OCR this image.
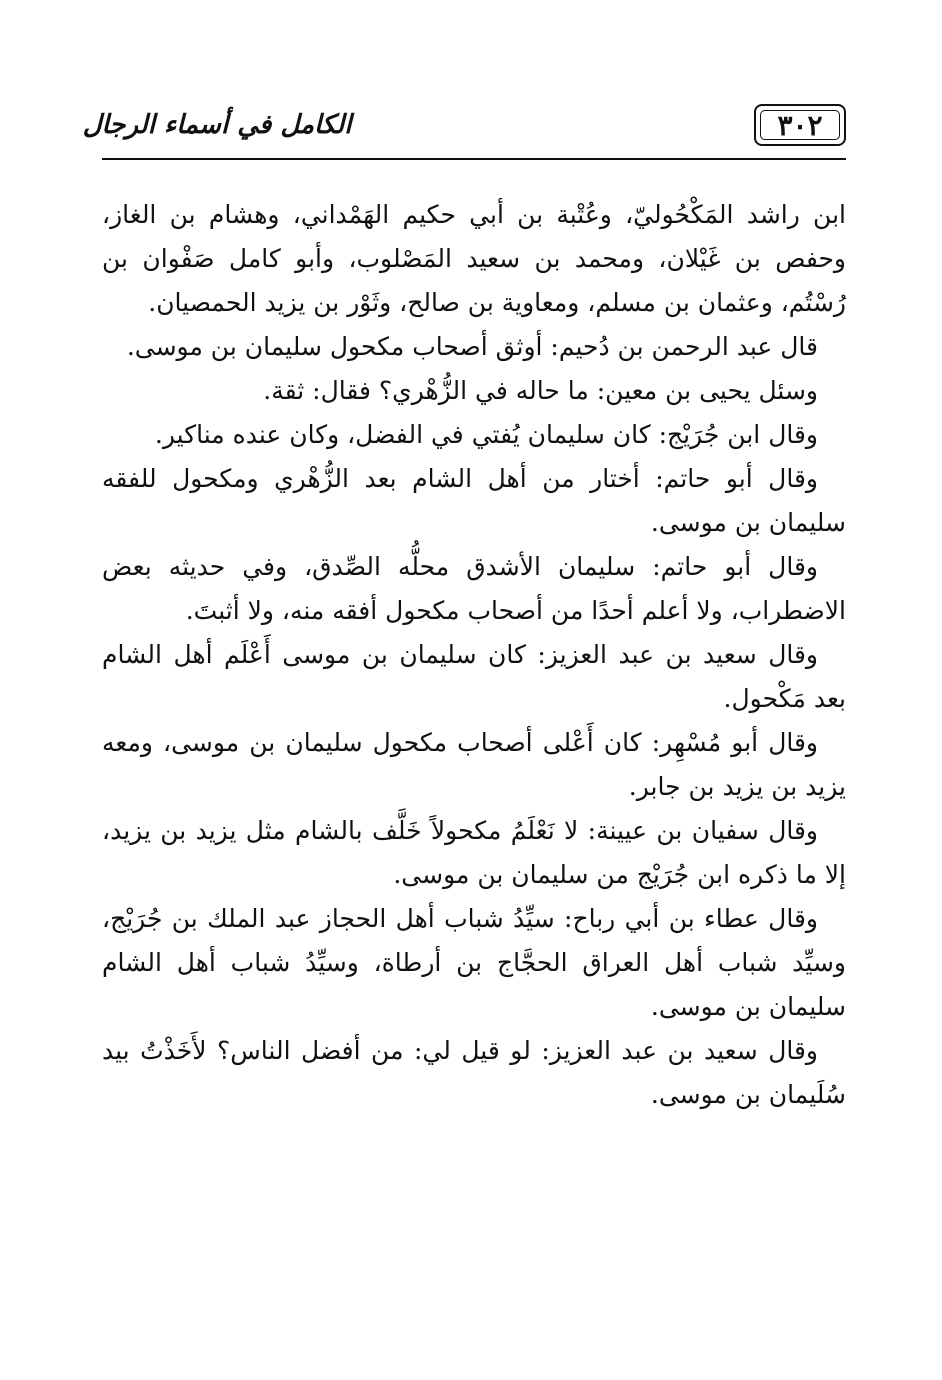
٣٠٢
الكامل في أسماء الرجال

ابن راشد المَكْحُوليّ، وعُتْبة بن أبي حكيم الهَمْداني، وهشام بن الغاز، وحفص بن غَيْلان، ومحمد بن سعيد المَصْلوب، وأبو كامل صَفْوان بن رُسْتُم، وعثمان بن مسلم، ومعاوية بن صالح، وثَوْر بن يزيد الحمصيان.

قال عبد الرحمن بن دُحيم: أوثق أصحاب مكحول سليمان بن موسى.

وسئل يحيى بن معين: ما حاله في الزُّهْري؟ فقال: ثقة.

وقال ابن جُرَيْج: كان سليمان يُفتي في الفضل، وكان عنده مناكير.

وقال أبو حاتم: أختار من أهل الشام بعد الزُّهْري ومكحول للفقه سليمان بن موسى.

وقال أبو حاتم: سليمان الأشدق محلُّه الصِّدق، وفي حديثه بعض الاضطراب، ولا أعلم أحدًا من أصحاب مكحول أفقه منه، ولا أثبتَ.

وقال سعيد بن عبد العزيز: كان سليمان بن موسى أَعْلَم أهل الشام بعد مَكْحول.

وقال أبو مُسْهِر: كان أَعْلى أصحاب مكحول سليمان بن موسى، ومعه يزيد بن يزيد بن جابر.

وقال سفيان بن عيينة: لا نَعْلَمُ مكحولاً خَلَّف بالشام مثل يزيد بن يزيد، إلا ما ذكره ابن جُرَيْج من سليمان بن موسى.

وقال عطاء بن أبي رباح: سيِّدُ شباب أهل الحجاز عبد الملك بن جُرَيْج، وسيِّد شباب أهل العراق الحجَّاج بن أرطاة، وسيِّدُ شباب أهل الشام سليمان بن موسى.

وقال سعيد بن عبد العزيز: لو قيل لي: من أفضل الناس؟ لأَخَذْتُ بيد سُلَيمان بن موسى.
